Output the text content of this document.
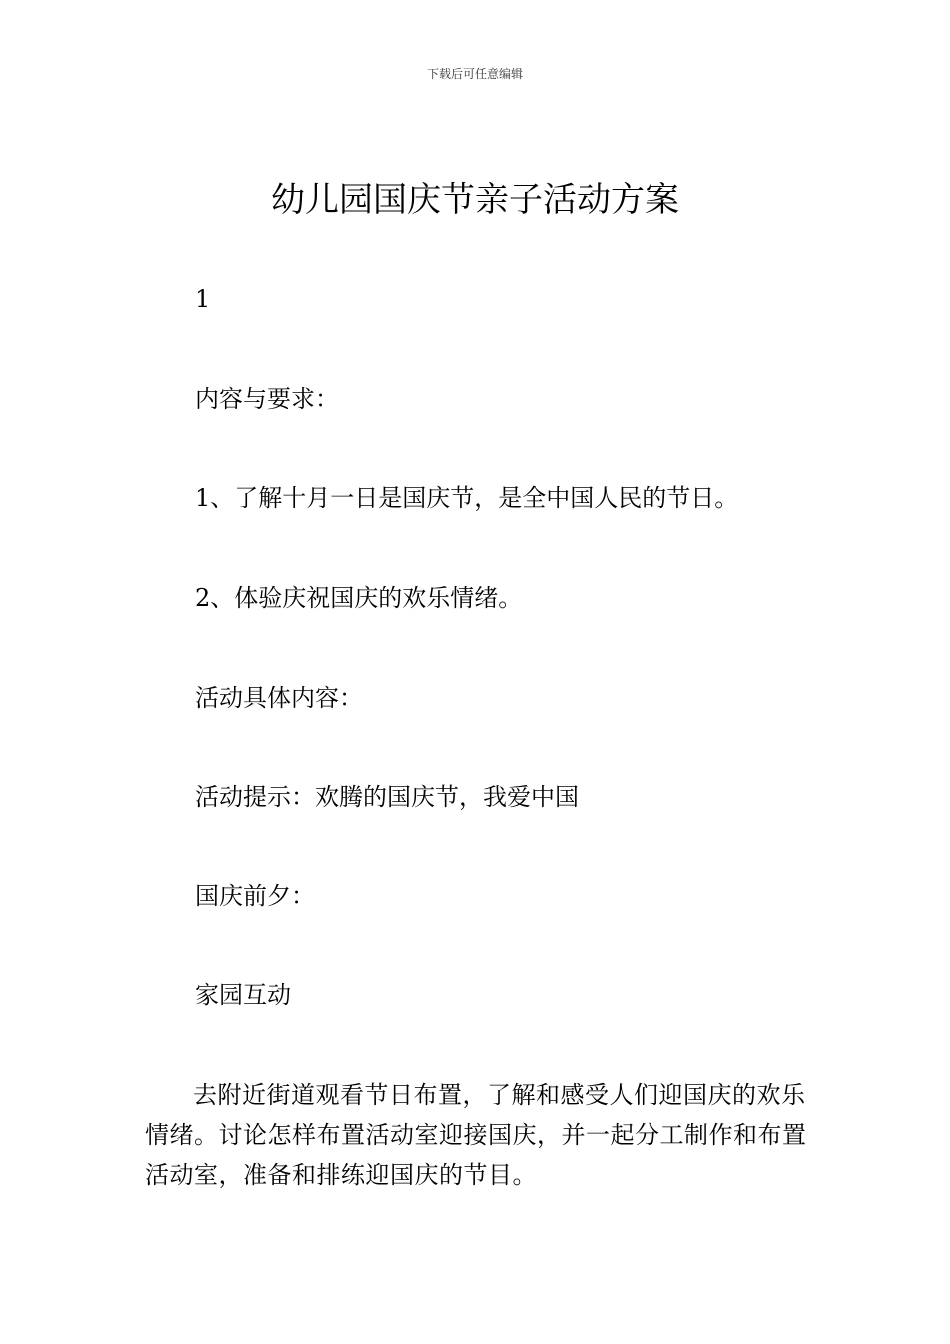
下载后可任意编辑
幼儿园国庆节亲子活动方案
1
内容与要求：
1、了解十月一日是国庆节，是全中国人民的节日。
2、体验庆祝国庆的欢乐情绪。
活动具体内容：
活动提示：欢腾的国庆节，我爱中国
国庆前夕：
家园互动

去附近街道观看节日布置，了解和感受人们迎国庆的欢乐情绪。讨论怎样布置活动室迎接国庆，并一起分工制作和布置活动室，准备和排练迎国庆的节目。
